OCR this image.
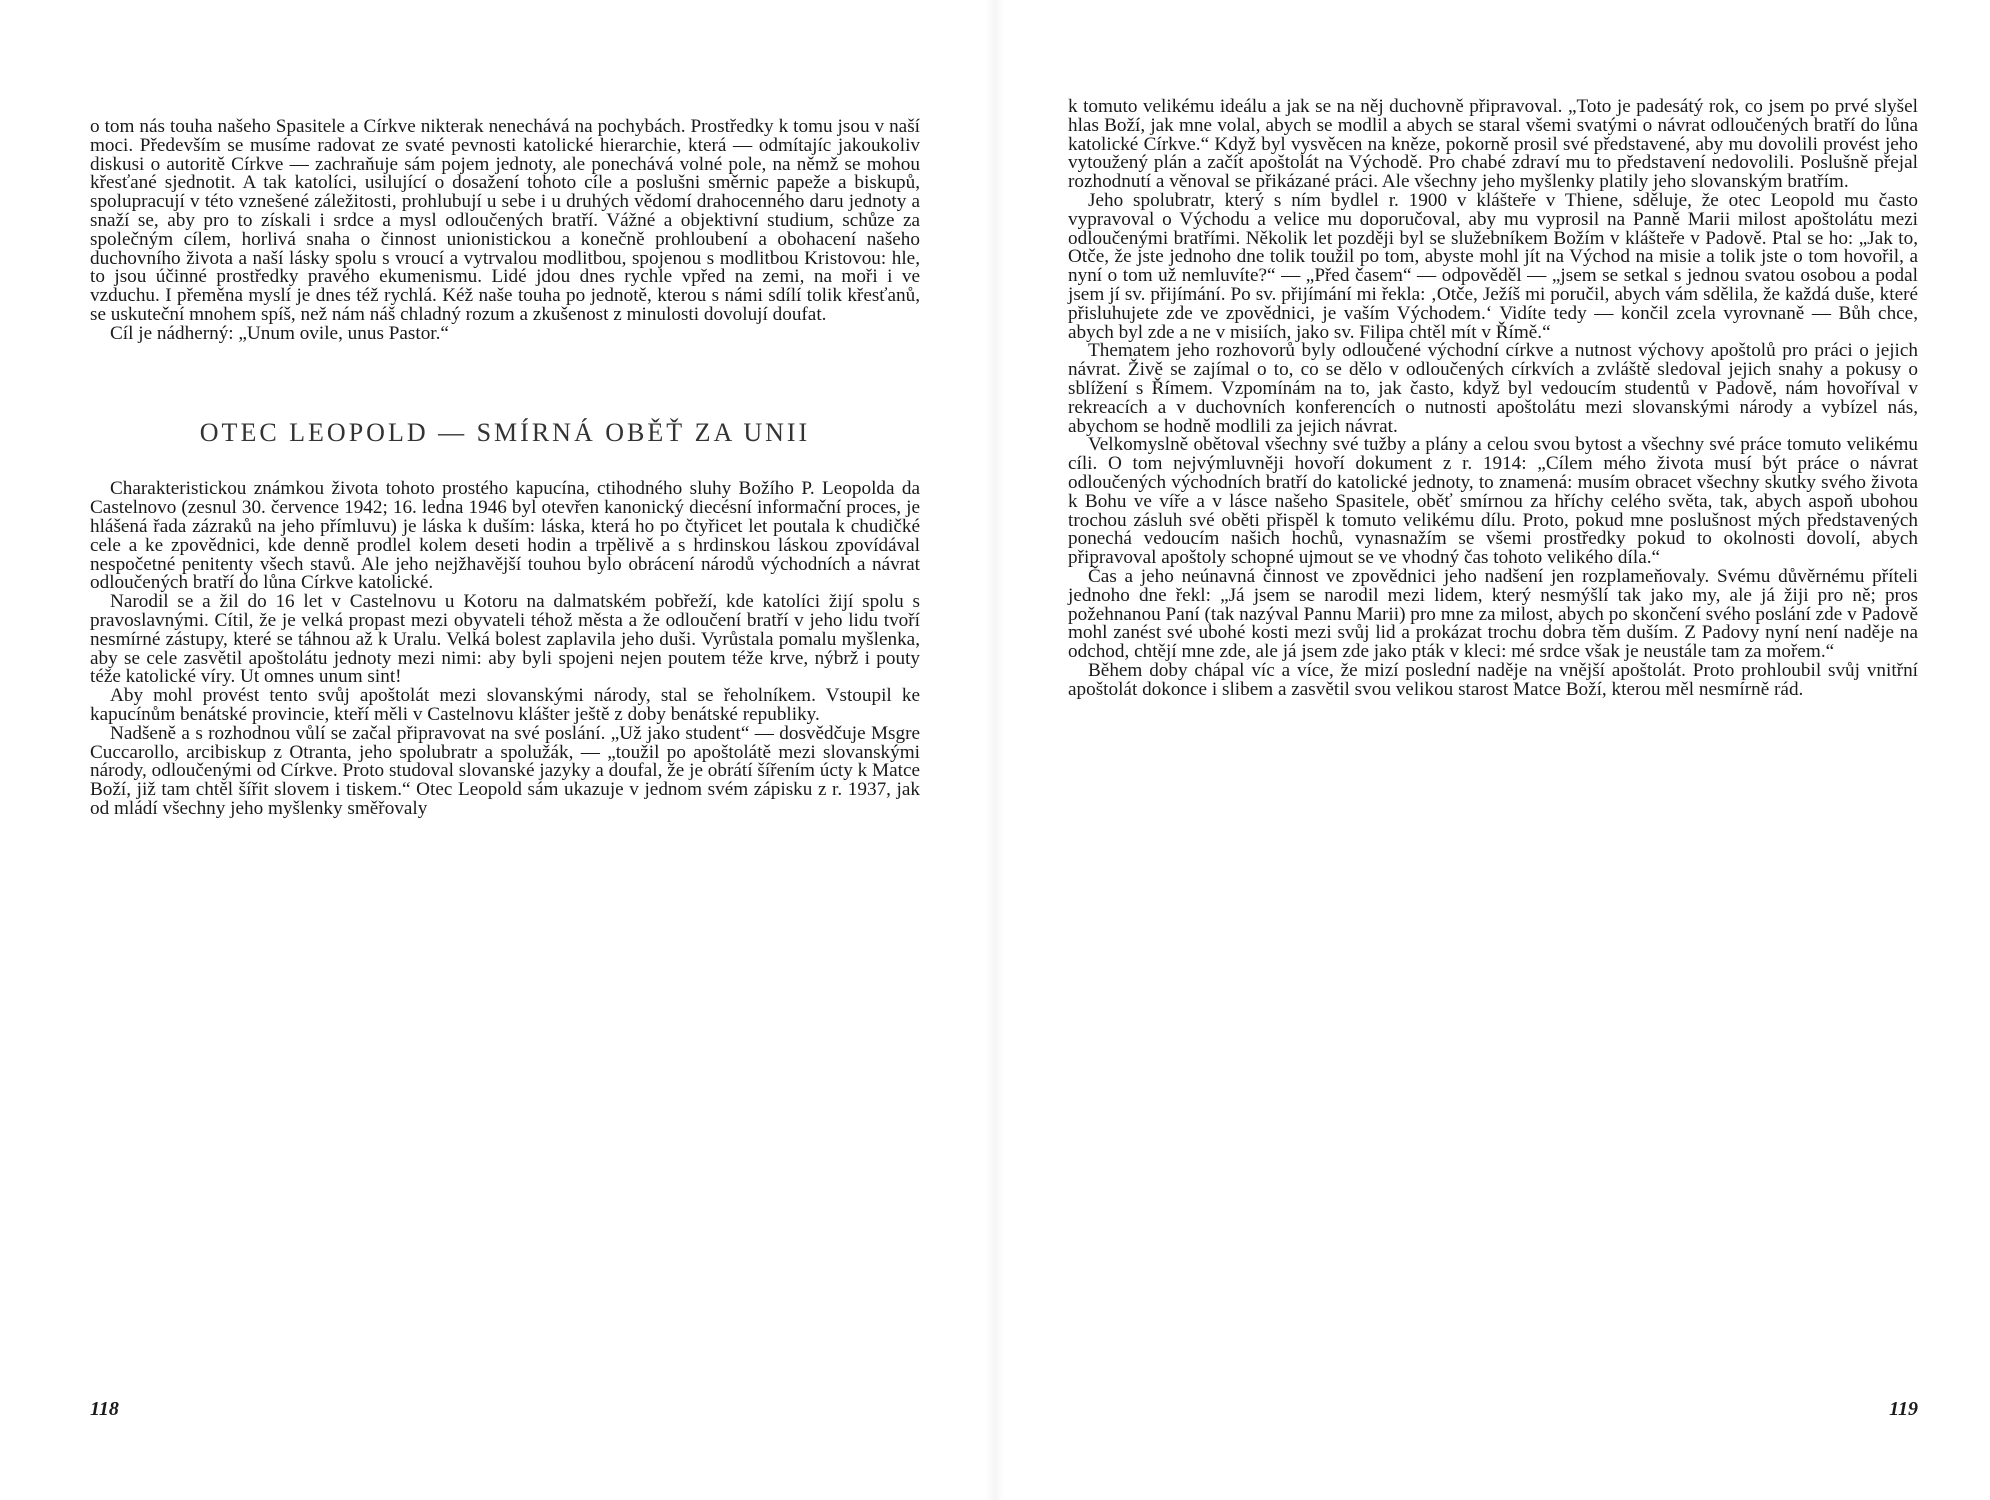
o tom nás touha našeho Spasitele a Církve nikterak nenechává na pochybách. Prostředky k tomu jsou v naší moci. Především se musíme radovat ze svaté pevnosti katolické hierarchie, která — odmítajíc jakoukoliv diskusi o autoritě Církve — zachraňuje sám pojem jednoty, ale ponechává volné pole, na němž se mohou křesťané sjednotit. A tak katolíci, usilující o dosažení tohoto cíle a poslušni směrnic papeže a biskupů, spolupracují v této vznešené záležitosti, prohlubují u sebe i u druhých vědomí drahocenného daru jednoty a snaží se, aby pro to získali i srdce a mysl odloučených bratří. Vážné a objektivní studium, schůze za společným cílem, horlivá snaha o činnost unionistickou a konečně prohloubení a obohacení našeho duchovního života a naší lásky spolu s vroucí a vytrvalou modlitbou, spojenou s modlitbou Kristovou: hle, to jsou účinné prostředky pravého ekumenismu. Lidé jdou dnes rychle vpřed na zemi, na moři i ve vzduchu. I přeměna myslí je dnes též rychlá. Kéž naše touha po jednotě, kterou s námi sdílí tolik křesťanů, se uskuteční mnohem spíš, než nám náš chladný rozum a zkušenost z minulosti dovolují doufat.

Cíl je nádherný: „Unum ovile, unus Pastor.“

OTEC LEOPOLD — SMÍRNÁ OBĚŤ ZA UNII

Charakteristickou známkou života tohoto prostého kapucína, ctihodného sluhy Božího P. Leopolda da Castelnovo (zesnul 30. července 1942; 16. ledna 1946 byl otevřen kanonický diecésní informační proces, je hlášená řada zázraků na jeho přímluvu) je láska k duším: láska, která ho po čtyřicet let poutala k chudičké cele a ke zpovědnici, kde denně prodlel kolem deseti hodin a trpělivě a s hrdinskou láskou zpovídával nespočetné penitenty všech stavů. Ale jeho nejžhavější touhou bylo obrácení národů východních a návrat odloučených bratří do lůna Církve katolické.

Narodil se a žil do 16 let v Castelnovu u Kotoru na dalmatském pobřeží, kde katolíci žijí spolu s pravoslavnými. Cítil, že je velká propast mezi obyvateli téhož města a že odloučení bratří v jeho lidu tvoří nesmírné zástupy, které se táhnou až k Uralu. Velká bolest zaplavila jeho duši. Vyrůstala pomalu myšlenka, aby se cele zasvětil apoštolátu jednoty mezi nimi: aby byli spojeni nejen poutem téže krve, nýbrž i pouty téže katolické víry. Ut omnes unum sint!

Aby mohl provést tento svůj apoštolát mezi slovanskými národy, stal se řeholníkem. Vstoupil ke kapucínům benátské provincie, kteří měli v Castelnovu klášter ještě z doby benátské republiky.

Nadšeně a s rozhodnou vůlí se začal připravovat na své poslání. „Už jako student“ — dosvědčuje Msgre Cuccarollo, arcibiskup z Otranta, jeho spolubratr a spolužák, — „toužil po apoštolátě mezi slovanskými národy, odloučenými od Církve. Proto studoval slovanské jazyky a doufal, že je obrátí šířením úcty k Matce Boží, již tam chtěl šířit slovem i tiskem.“ Otec Leopold sám ukazuje v jednom svém zápisku z r. 1937, jak od mládí všechny jeho myšlenky směřovaly

118

k tomuto velikému ideálu a jak se na něj duchovně připravoval. „Toto je padesátý rok, co jsem po prvé slyšel hlas Boží, jak mne volal, abych se modlil a abych se staral všemi svatými o návrat odloučených bratří do lůna katolické Církve.“ Když byl vysvěcen na kněze, pokorně prosil své představené, aby mu dovolili provést jeho vytoužený plán a začít apoštolát na Východě. Pro chabé zdraví mu to představení nedovolili. Poslušně přejal rozhodnutí a věnoval se přikázané práci. Ale všechny jeho myšlenky platily jeho slovanským bratřím.

Jeho spolubratr, který s ním bydlel r. 1900 v klášteře v Thiene, sděluje, že otec Leopold mu často vypravoval o Východu a velice mu doporučoval, aby mu vyprosil na Panně Marii milost apoštolátu mezi odloučenými bratřími. Několik let později byl se služebníkem Božím v klášteře v Padově. Ptal se ho: „Jak to, Otče, že jste jednoho dne tolik toužil po tom, abyste mohl jít na Východ na misie a tolik jste o tom hovořil, a nyní o tom už nemluvíte?“ — „Před časem“ — odpověděl — „jsem se setkal s jednou svatou osobou a podal jsem jí sv. přijímání. Po sv. přijímání mi řekla: ‚Otče, Ježíš mi poručil, abych vám sdělila, že každá duše, které přisluhujete zde ve zpovědnici, je vaším Východem.‘ Vidíte tedy — končil zcela vyrovnaně — Bůh chce, abych byl zde a ne v misiích, jako sv. Filipa chtěl mít v Římě.“

Thematem jeho rozhovorů byly odloučené východní církve a nutnost výchovy apoštolů pro práci o jejich návrat. Živě se zajímal o to, co se dělo v odloučených církvích a zvláště sledoval jejich snahy a pokusy o sblížení s Římem. Vzpomínám na to, jak často, když byl vedoucím studentů v Padově, nám hovoříval v rekreacích a v duchovních konferencích o nutnosti apoštolátu mezi slovanskými národy a vybízel nás, abychom se hodně modlili za jejich návrat.

Velkomyslně obětoval všechny své tužby a plány a celou svou bytost a všechny své práce tomuto velikému cíli. O tom nejvýmluvněji hovoří dokument z r. 1914: „Cílem mého života musí být práce o návrat odloučených východních bratří do katolické jednoty, to znamená: musím obracet všechny skutky svého života k Bohu ve víře a v lásce našeho Spasitele, oběť smírnou za hříchy celého světa, tak, abych aspoň ubohou trochou zásluh své oběti přispěl k tomuto velikému dílu. Proto, pokud mne poslušnost mých představených ponechá vedoucím našich hochů, vynasnažím se všemi prostředky pokud to okolnosti dovolí, abych připravoval apoštoly schopné ujmout se ve vhodný čas tohoto velikého díla.“

Čas a jeho neúnavná činnost ve zpovědnici jeho nadšení jen rozplameňovaly. Svému důvěrnému příteli jednoho dne řekl: „Já jsem se narodil mezi lidem, který nesmýšlí tak jako my, ale já žiji pro ně; pros požehnanou Paní (tak nazýval Pannu Marii) pro mne za milost, abych po skončení svého poslání zde v Padově mohl zanést své ubohé kosti mezi svůj lid a prokázat trochu dobra těm duším. Z Padovy nyní není naděje na odchod, chtějí mne zde, ale já jsem zde jako pták v kleci: mé srdce však je neustále tam za mořem.“

Během doby chápal víc a více, že mizí poslední naděje na vnější apoštolát. Proto prohloubil svůj vnitřní apoštolát dokonce i slibem a zasvětil svou velikou starost Matce Boží, kterou měl nesmírně rád.

119
